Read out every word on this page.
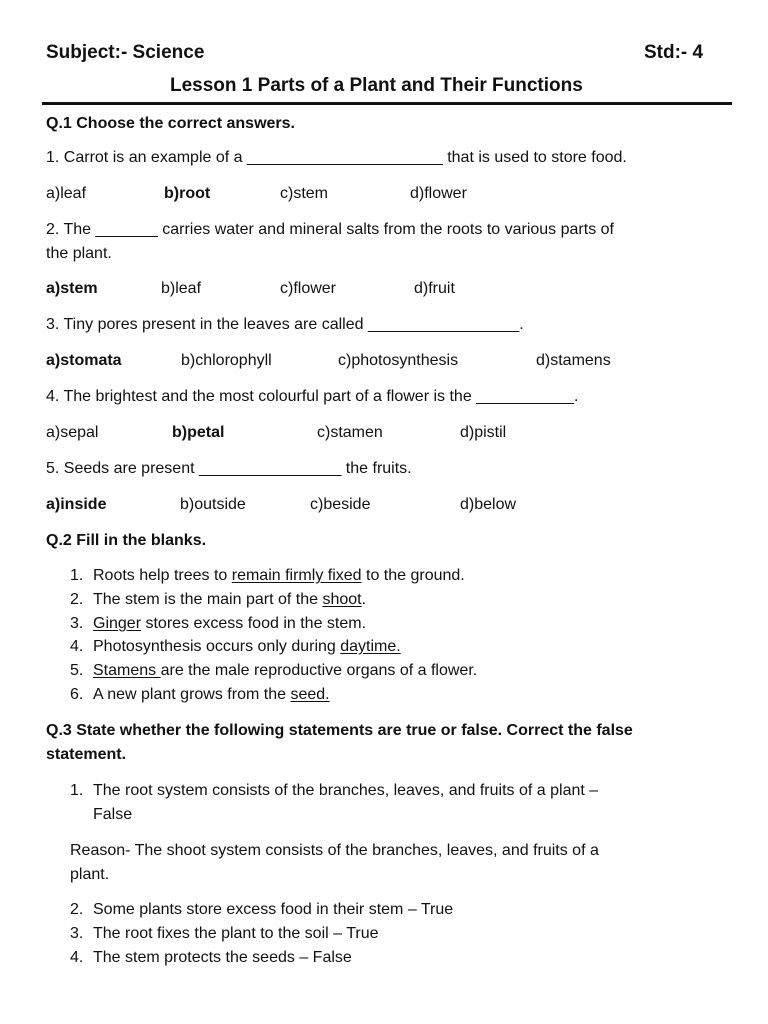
Subject:- Science	Std:- 4
Lesson 1 Parts of a Plant and Their Functions
Q.1 Choose the correct answers.
1. Carrot is an example of a ______________________ that is used to store food.
a)leaf	b)root	c)stem	d)flower
2. The _______ carries water and mineral salts from the roots to various parts of
the plant.
a)stem	b)leaf	c)flower	d)fruit
3. Tiny pores present in the leaves are called _________________.
a)stomata	b)chlorophyll	c)photosynthesis	d)stamens
4. The brightest and the most colourful part of a flower is the ___________.
a)sepal	b)petal	c)stamen	d)pistil
5. Seeds are present ________________ the fruits.
a)inside	b)outside	c)beside	d)below
Q.2 Fill in the blanks.
1. Roots help trees to remain firmly fixed to the ground.
2. The stem is the main part of the shoot.
3. Ginger stores excess food in the stem.
4. Photosynthesis occurs only during daytime.
5. Stamens are the male reproductive organs of a flower.
6. A new plant grows from the seed.
Q.3 State whether the following statements are true or false. Correct the false
statement.
1. The root system consists of the branches, leaves, and fruits of a plant –
False
Reason- The shoot system consists of the branches, leaves, and fruits of a
plant.
2. Some plants store excess food in their stem – True
3. The root fixes the plant to the soil – True
4. The stem protects the seeds – False
